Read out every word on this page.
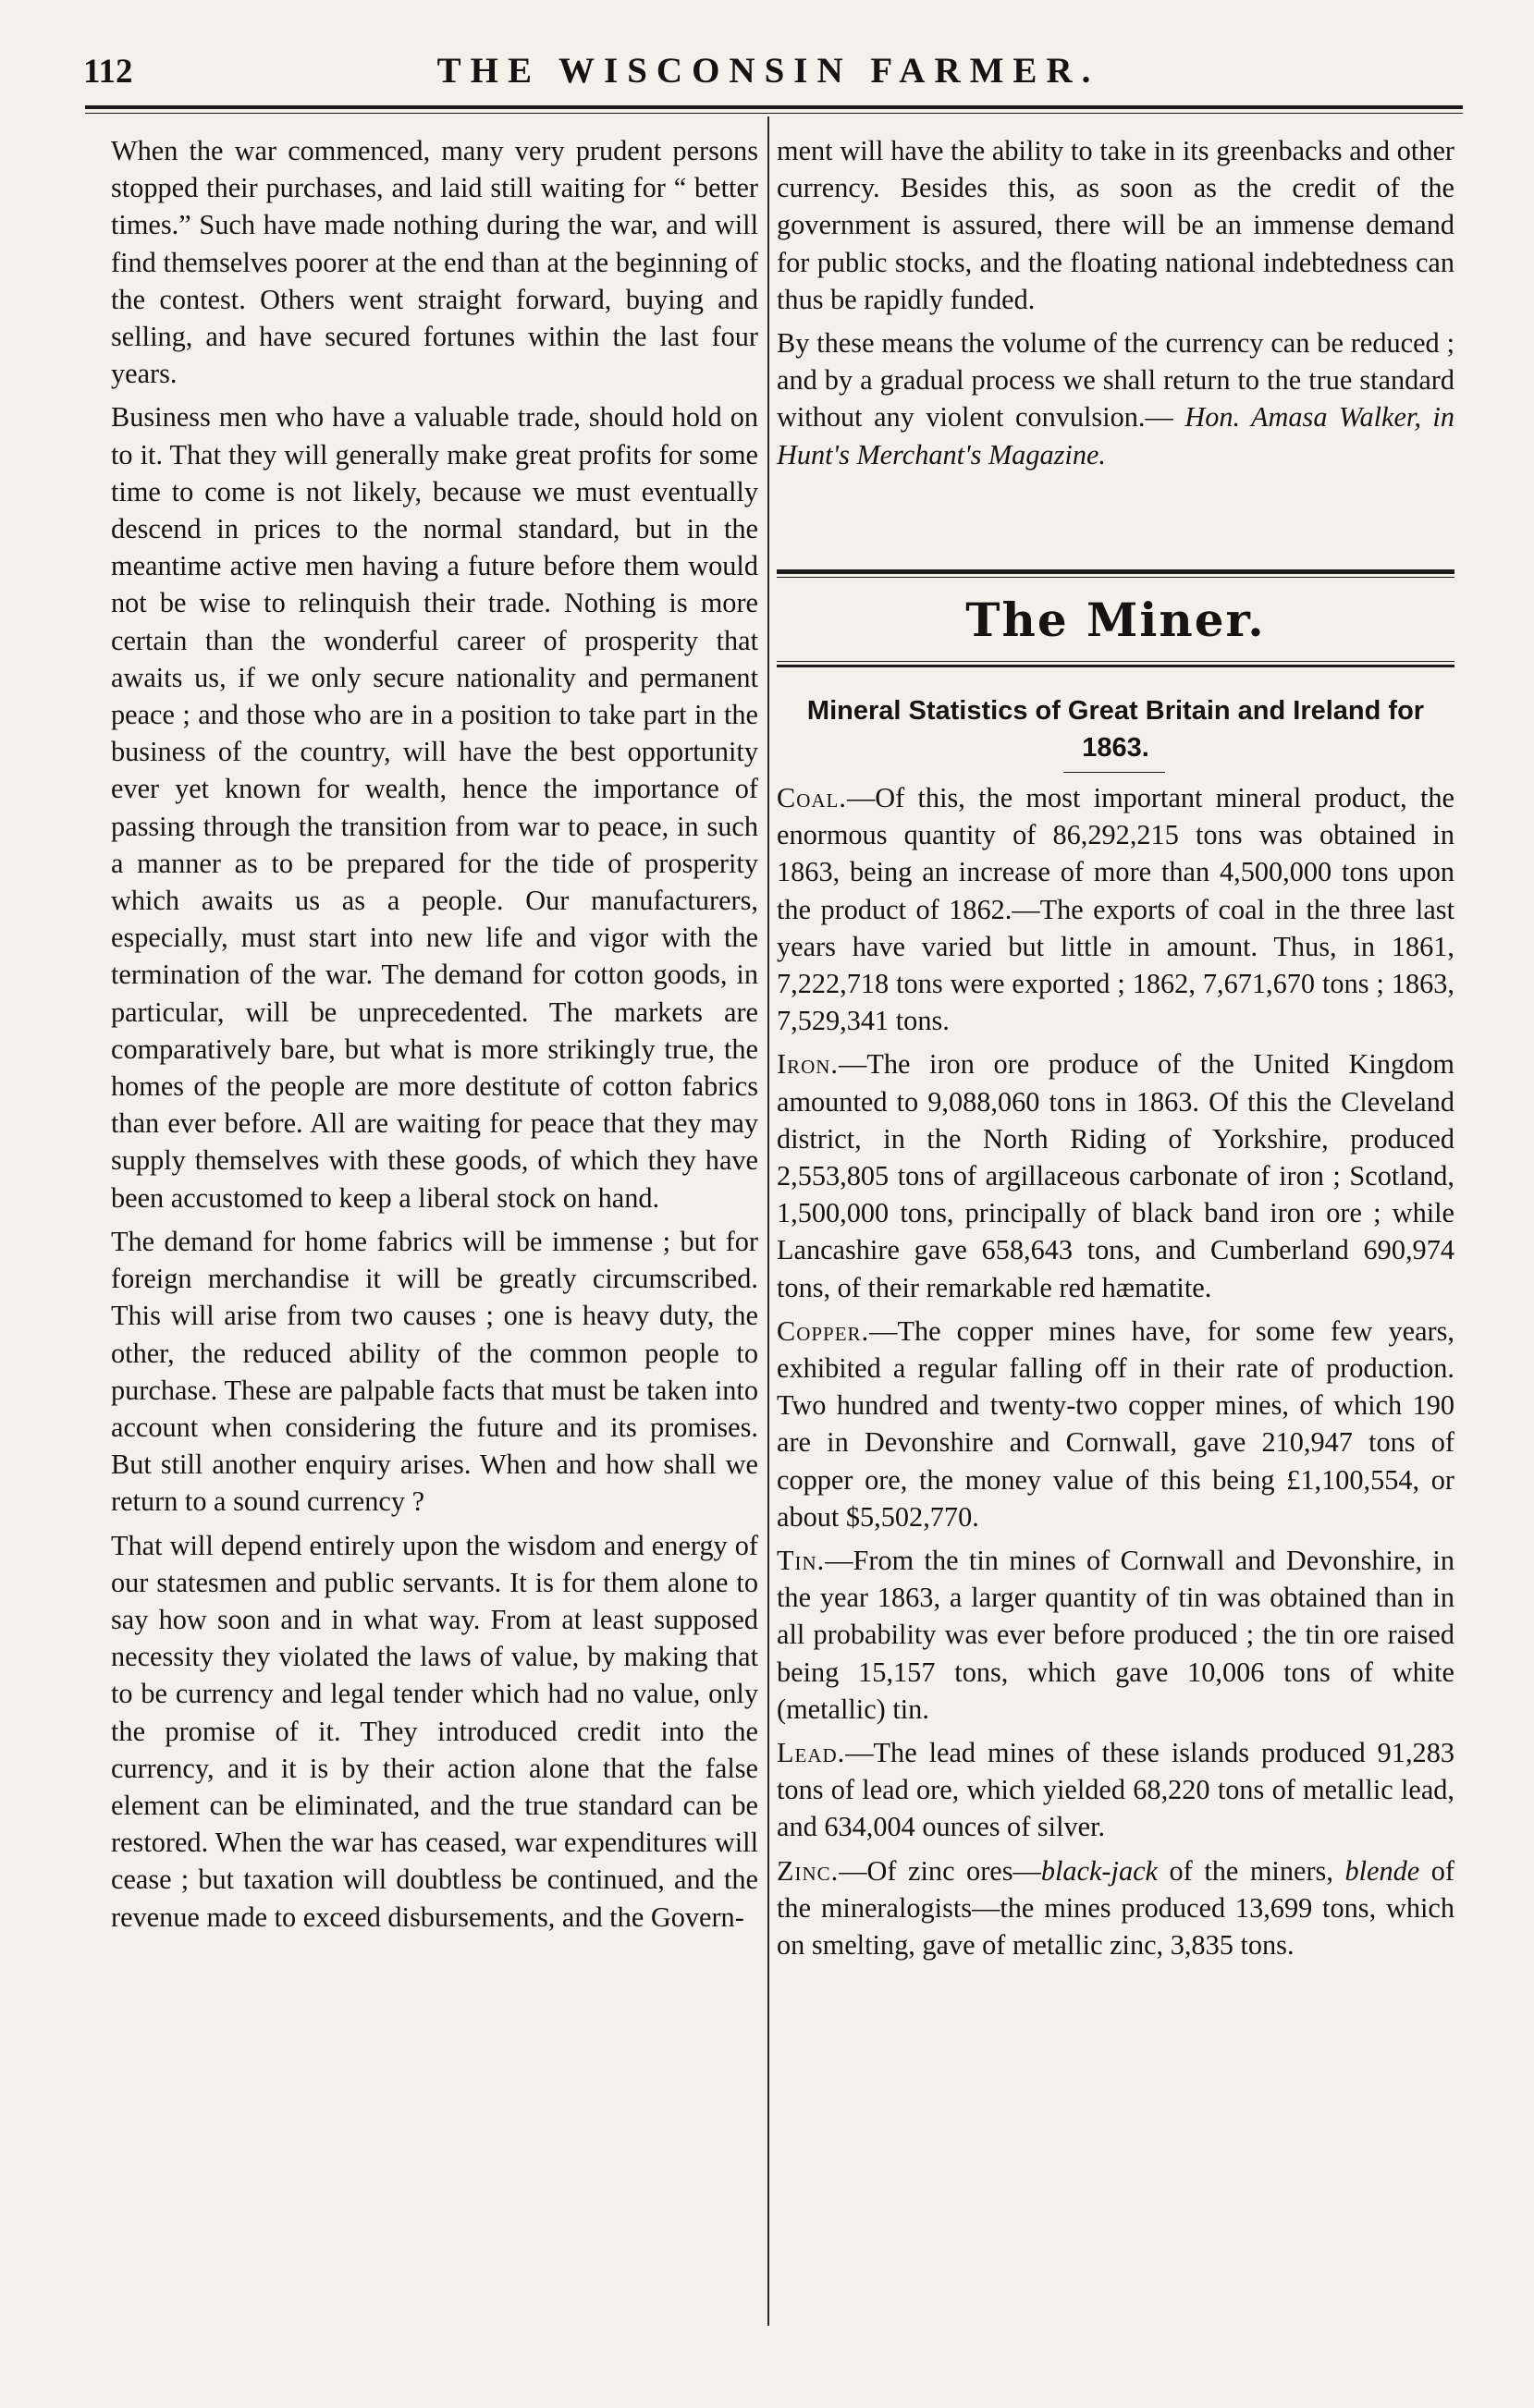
112	THE WISCONSIN FARMER.

When the war commenced, many very prudent persons stopped their purchases, and laid still waiting for “ better times.” Such have made nothing during the war, and will find themselves poorer at the end than at the beginning of the contest. Others went straight forward, buying and selling, and have secured fortunes within the last four years.

Business men who have a valuable trade, should hold on to it. That they will generally make great profits for some time to come is not likely, because we must eventually descend in prices to the normal standard, but in the meantime active men having a future before them would not be wise to relinquish their trade. Nothing is more certain than the wonderful career of prosperity that awaits us, if we only secure nationality and permanent peace ; and those who are in a position to take part in the business of the country, will have the best opportunity ever yet known for wealth, hence the importance of passing through the transition from war to peace, in such a manner as to be prepared for the tide of prosperity which awaits us as a people. Our manufacturers, especially, must start into new life and vigor with the termination of the war. The demand for cotton goods, in particular, will be unprecedented. The markets are comparatively bare, but what is more strikingly true, the homes of the people are more destitute of cotton fabrics than ever before. All are waiting for peace that they may supply themselves with these goods, of which they have been accustomed to keep a liberal stock on hand.

The demand for home fabrics will be immense ; but for foreign merchandise it will be greatly circumscribed. This will arise from two causes ; one is heavy duty, the other, the reduced ability of the common people to purchase. These are palpable facts that must be taken into account when considering the future and its promises. But still another enquiry arises. When and how shall we return to a sound currency ?

That will depend entirely upon the wisdom and energy of our statesmen and public servants. It is for them alone to say how soon and in what way. From at least supposed necessity they violated the laws of value, by making that to be currency and legal tender which had no value, only the promise of it. They introduced credit into the currency, and it is by their action alone that the false element can be eliminated, and the true standard can be restored. When the war has ceased, war expenditures will cease ; but taxation will doubtless be continued, and the revenue made to exceed disbursements, and the Govern-

ment will have the ability to take in its greenbacks and other currency. Besides this, as soon as the credit of the government is assured, there will be an immense demand for public stocks, and the floating national indebtedness can thus be rapidly funded.

By these means the volume of the currency can be reduced ; and by a gradual process we shall return to the true standard without any violent convulsion.— Hon. Amasa Walker, in Hunt's Merchant's Magazine.

The Miner.
Mineral Statistics of Great Britain and Ireland for 1863.

Coal.—Of this, the most important mineral product, the enormous quantity of 86,292,215 tons was obtained in 1863, being an increase of more than 4,500,000 tons upon the product of 1862.—The exports of coal in the three last years have varied but little in amount. Thus, in 1861, 7,222,718 tons were exported ; 1862, 7,671,670 tons ; 1863, 7,529,341 tons.

Iron.—The iron ore produce of the United Kingdom amounted to 9,088,060 tons in 1863. Of this the Cleveland district, in the North Riding of Yorkshire, produced 2,553,805 tons of argillaceous carbonate of iron ; Scotland, 1,500,000 tons, principally of black band iron ore ; while Lancashire gave 658,643 tons, and Cumberland 690,974 tons, of their remarkable red hæmatite.

Copper.—The copper mines have, for some few years, exhibited a regular falling off in their rate of production. Two hundred and twenty-two copper mines, of which 190 are in Devonshire and Cornwall, gave 210,947 tons of copper ore, the money value of this being £1,100,554, or about $5,502,770.

Tin.—From the tin mines of Cornwall and Devonshire, in the year 1863, a larger quantity of tin was obtained than in all probability was ever before produced ; the tin ore raised being 15,157 tons, which gave 10,006 tons of white (metallic) tin.

Lead.—The lead mines of these islands produced 91,283 tons of lead ore, which yielded 68,220 tons of metallic lead, and 634,004 ounces of silver.

Zinc.—Of zinc ores—black-jack of the miners, blende of the mineralogists—the mines produced 13,699 tons, which on smelting, gave of metallic zinc, 3,835 tons.
